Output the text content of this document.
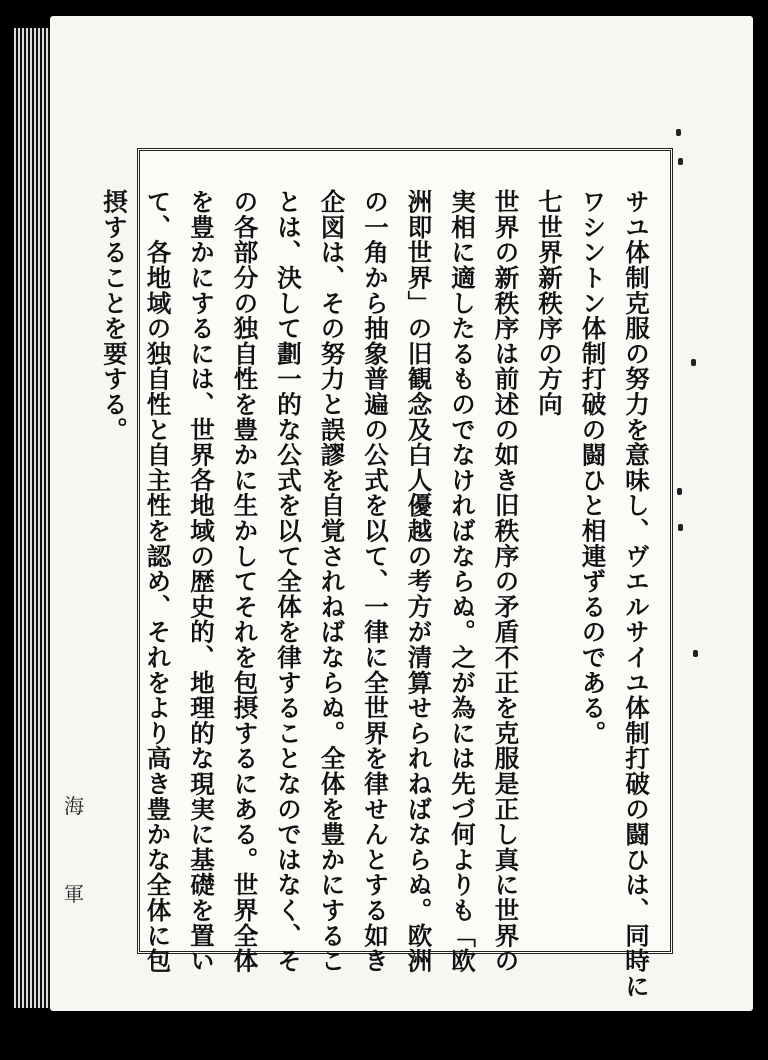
サユ体制克服の努力を意味し、ヴエルサイユ体制打破の闘ひは、同時に
ワシントン体制打破の闘ひと相連ずるのである。
七世界新秩序の方向
世界の新秩序は前述の如き旧秩序の矛盾不正を克服是正し真に世界の
実相に適したるものでなければならぬ。之が為には先づ何よりも「欧
洲即世界」の旧観念及白人優越の考方が清算せられねばならぬ。欧洲
の一角から抽象普遍の公式を以て、一律に全世界を律せんとする如き
企図は、その努力と誤謬を自覚されねばならぬ。全体を豊かにするこ
とは、決して劃一的な公式を以て全体を律することなのではなく、そ
の各部分の独自性を豊かに生かしてそれを包摂するにある。世界全体
を豊かにするには、世界各地域の歴史的、地理的な現実に基礎を置い
て、各地域の独自性と自主性を認め、それをより高き豊かな全体に包
摂することを要する。
海
軍
